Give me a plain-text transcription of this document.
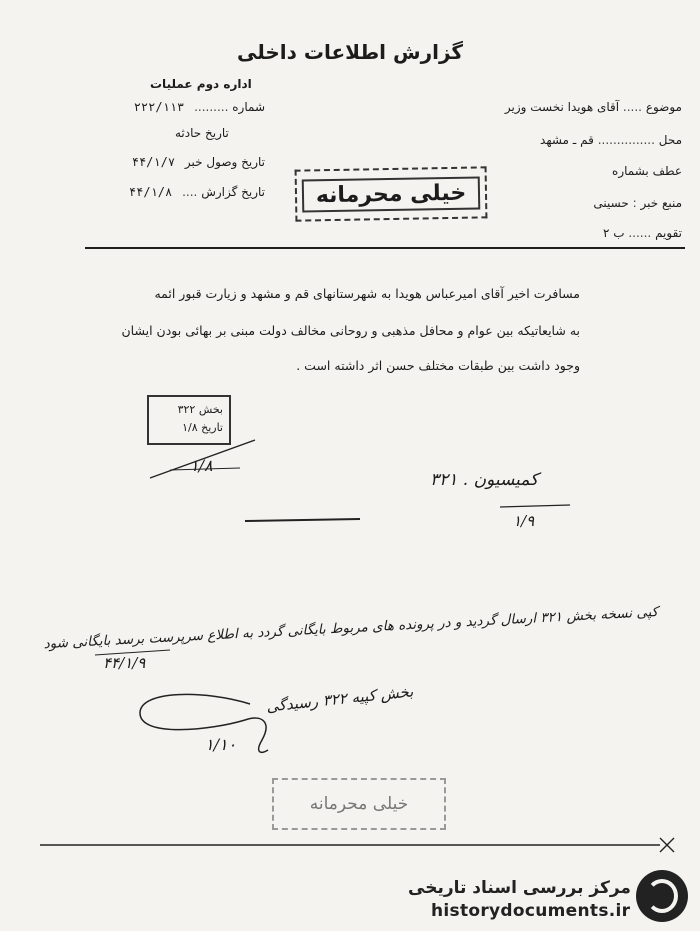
گزارش اطلاعات داخلی
اداره دوم عملیات
شماره ......... ۲۲۲/۱۱۳
تاریخ حادثه
تاریخ وصول خبر ۴۴/۱/۷
تاریخ گزارش .... ۴۴/۱/۸
موضوع ..... آقای هویدا نخست وزیر
محل ............... قم ـ مشهد
عطف بشماره
منبع خبر : حسینی
تقویم ...... ب ۲
خیلی محرمانه
مسافرت اخیر آقای امیرعباس هویدا به شهرستانهای قم و مشهد و زیارت قبور ائمه
به شایعاتیکه بین عوام و محافل مذهبی و روحانی مخالف دولت مبنی بر بهائی بودن ایشان
وجود داشت بین طبقات مختلف حسن اثر داشته است .
بخش ۳۲۲
تاریخ ۱/۸
۱/۸
کمیسیون . ۳۲۱
۱/۹
کپی نسخه بخش ۳۲۱ ارسال گردید و در پرونده های مربوط بایگانی گردد به اطلاع سرپرست برسد بایگانی شود
۴۴/۱/۹
بخش کپیه ۳۲۲ رسیدگی
۱/۱۰
خیلی محرمانه
مرکز بررسی اسناد تاریخی
historydocuments.ir
